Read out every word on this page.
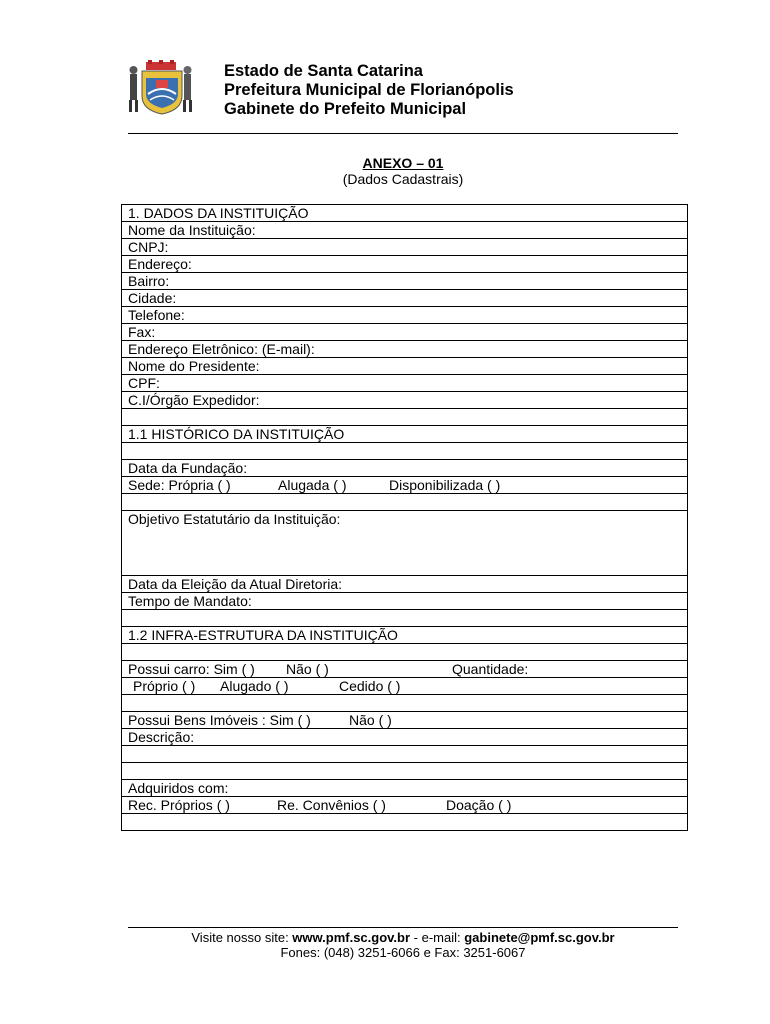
Estado de Santa Catarina
Prefeitura Municipal de Florianópolis
Gabinete do Prefeito Municipal
ANEXO – 01
(Dados Cadastrais)
1. DADOS DA INSTITUIÇÃO
Nome da Instituição:
CNPJ:
Endereço:
Bairro:
Cidade:
Telefone:
Fax:
Endereço Eletrônico: (E-mail):
Nome do Presidente:
CPF:
C.I/Órgão Expedidor:
1.1 HISTÓRICO DA INSTITUIÇÃO
Data da Fundação:
Sede: Própria ( )	Alugada ( )	Disponibilizada ( )
Objetivo Estatutário da Instituição:
Data da Eleição da Atual Diretoria:
Tempo de Mandato:
1.2 INFRA-ESTRUTURA DA INSTITUIÇÃO
Possui carro: Sim ( ) Não ( )	Quantidade:
Próprio ( ) Alugado ( )	Cedido ( )
Possui Bens Imóveis : Sim ( )	Não ( )
Descrição:
Adquiridos com:
Rec. Próprios ( )	Re. Convênios ( )	Doação ( )
Visite nosso site: www.pmf.sc.gov.br - e-mail: gabinete@pmf.sc.gov.br
Fones: (048) 3251-6066 e Fax: 3251-6067
